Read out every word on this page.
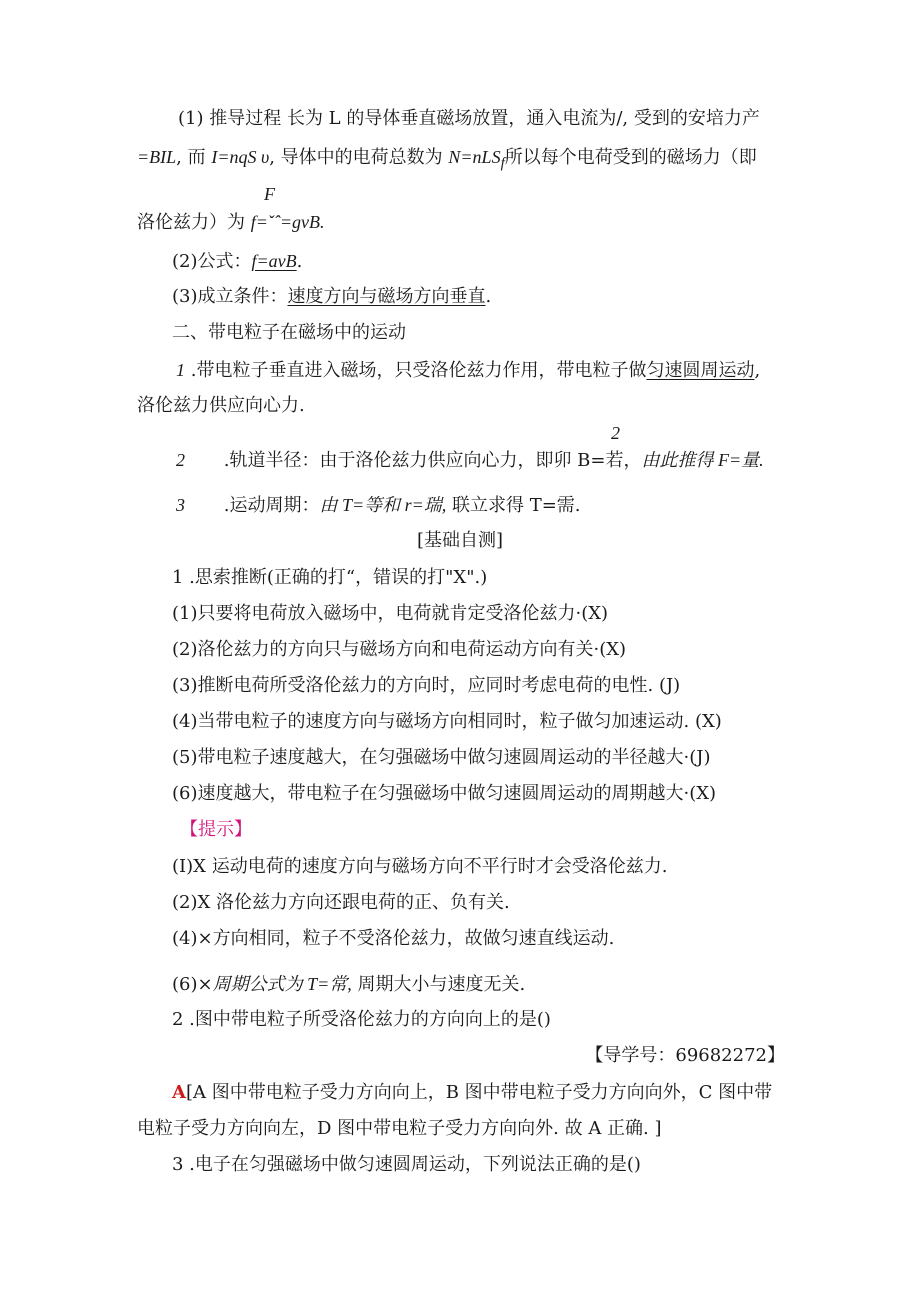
(1) 推导过程 长为 L 的导体垂直磁场放置，通入电流为/, 受到的安培力产
=BIL, 而 I=nqS υ, 导体中的电荷总数为 N=nLS$_f$所以每个电荷受到的磁场力（即
F
洛伦兹力）为 f=ˇˆ=gvB.
(2)公式：f=avB.
(3)成立条件：速度方向与磁场方向垂直.
二、带电粒子在磁场中的运动
1 .带电粒子垂直进入磁场，只受洛伦兹力作用，带电粒子做匀速圆周运动,
洛伦兹力供应向心力.
2
2 .轨道半径：由于洛伦兹力供应向心力，即卯 B=若，由此推得 F=量.
3 .运动周期：由 T=等和 r=瑞, 联立求得 T=需.
[基础自测]
1 .思索推断(正确的打“，错误的打"X".)
(1)只要将电荷放入磁场中，电荷就肯定受洛伦兹力·(X)
(2)洛伦兹力的方向只与磁场方向和电荷运动方向有关·(X)
(3)推断电荷所受洛伦兹力的方向时，应同时考虑电荷的电性. (J)
(4)当带电粒子的速度方向与磁场方向相同时，粒子做匀加速运动. (X)
(5)带电粒子速度越大，在匀强磁场中做匀速圆周运动的半径越大·(J)
(6)速度越大，带电粒子在匀强磁场中做匀速圆周运动的周期越大·(X)
【提示】
(I)X 运动电荷的速度方向与磁场方向不平行时才会受洛伦兹力.
(2)X 洛伦兹力方向还跟电荷的正、负有关.
(4)×方向相同，粒子不受洛伦兹力，故做匀速直线运动.
(6)×周期公式为 T=常, 周期大小与速度无关.
2 .图中带电粒子所受洛伦兹力的方向向上的是()
【导学号：69682272】
A[A 图中带电粒子受力方向向上，B 图中带电粒子受力方向向外，C 图中带
电粒子受力方向向左，D 图中带电粒子受力方向向外. 故 A 正确. ]
3 .电子在匀强磁场中做匀速圆周运动，下列说法正确的是()
